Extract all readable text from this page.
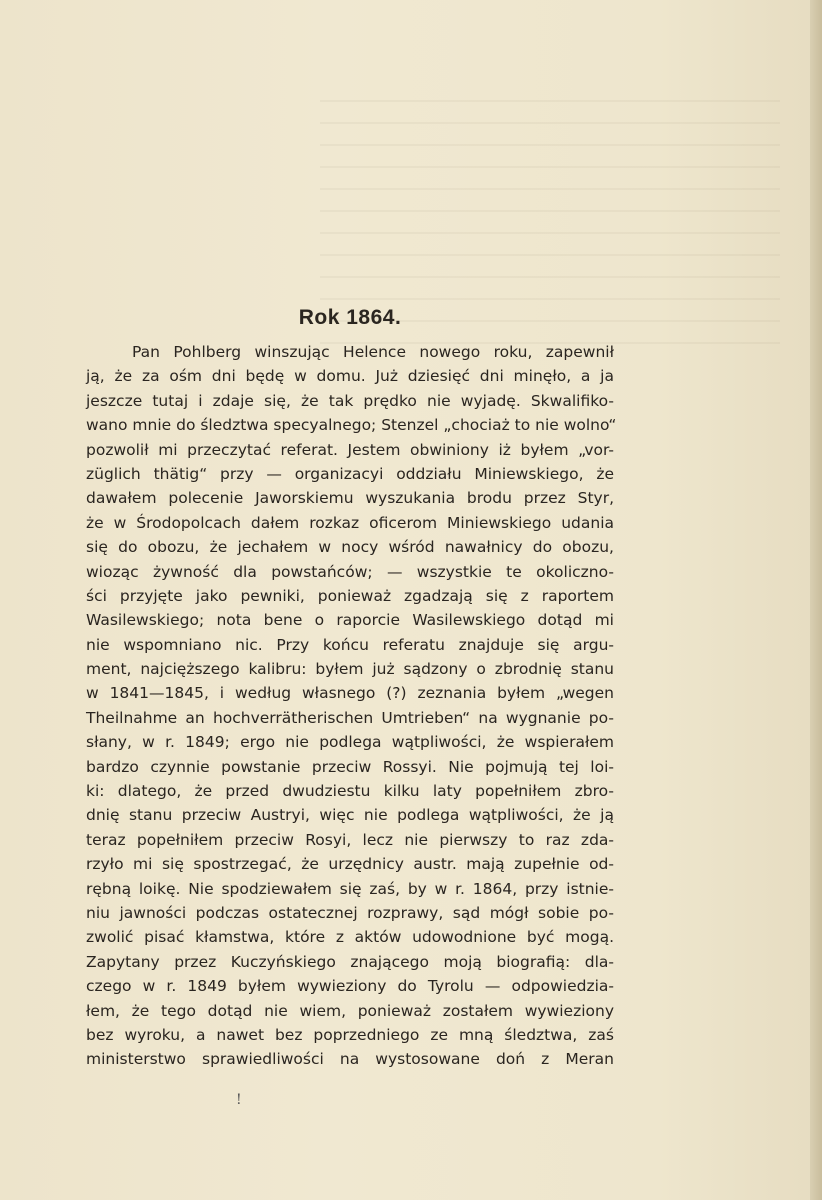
Rok 1864.
Pan Pohlberg winszując Helence nowego roku, zapewnił
ją, że za ośm dni będę w domu. Już dziesięć dni minęło, a ja
jeszcze tutaj i zdaje się, że tak prędko nie wyjadę. Skwalifiko-
wano mnie do śledztwa specyalnego; Stenzel „chociaż to nie wolno“
pozwolił mi przeczytać referat. Jestem obwiniony iż byłem „vor-
züglich thätig“ przy — organizacyi oddziału Miniewskiego, że
dawałem polecenie Jaworskiemu wyszukania brodu przez Styr,
że w Środopolcach dałem rozkaz oficerom Miniewskiego udania
się do obozu, że jechałem w nocy wśród nawałnicy do obozu,
wioząc żywność dla powstańców; — wszystkie te okoliczno-
ści przyjęte jako pewniki, ponieważ zgadzają się z raportem
Wasilewskiego; nota bene o raporcie Wasilewskiego dotąd mi
nie wspomniano nic. Przy końcu referatu znajduje się argu-
ment, najcięższego kalibru: byłem już sądzony o zbrodnię stanu
w 1841—1845, i według własnego (?) zeznania byłem „wegen
Theilnahme an hochverrätherischen Umtrieben“ na wygnanie po-
słany, w r. 1849; ergo nie podlega wątpliwości, że wspierałem
bardzo czynnie powstanie przeciw Rossyi. Nie pojmują tej loi-
ki: dlatego, że przed dwudziestu kilku laty popełniłem zbro-
dnię stanu przeciw Austryi, więc nie podlega wątpliwości, że ją
teraz popełniłem przeciw Rosyi, lecz nie pierwszy to raz zda-
rzyło mi się spostrzegać, że urzędnicy austr. mają zupełnie od-
rębną loikę. Nie spodziewałem się zaś, by w r. 1864, przy istnie-
niu jawności podczas ostatecznej rozprawy, sąd mógł sobie po-
zwolić pisać kłamstwa, które z aktów udowodnione być mogą.
Zapytany przez Kuczyńskiego znającego moją biografią: dla-
czego w r. 1849 byłem wywieziony do Tyrolu — odpowiedzia-
łem, że tego dotąd nie wiem, ponieważ zostałem wywieziony
bez wyroku, a nawet bez poprzedniego ze mną śledztwa, zaś
ministerstwo sprawiedliwości na wystosowane doń z Meran
!
